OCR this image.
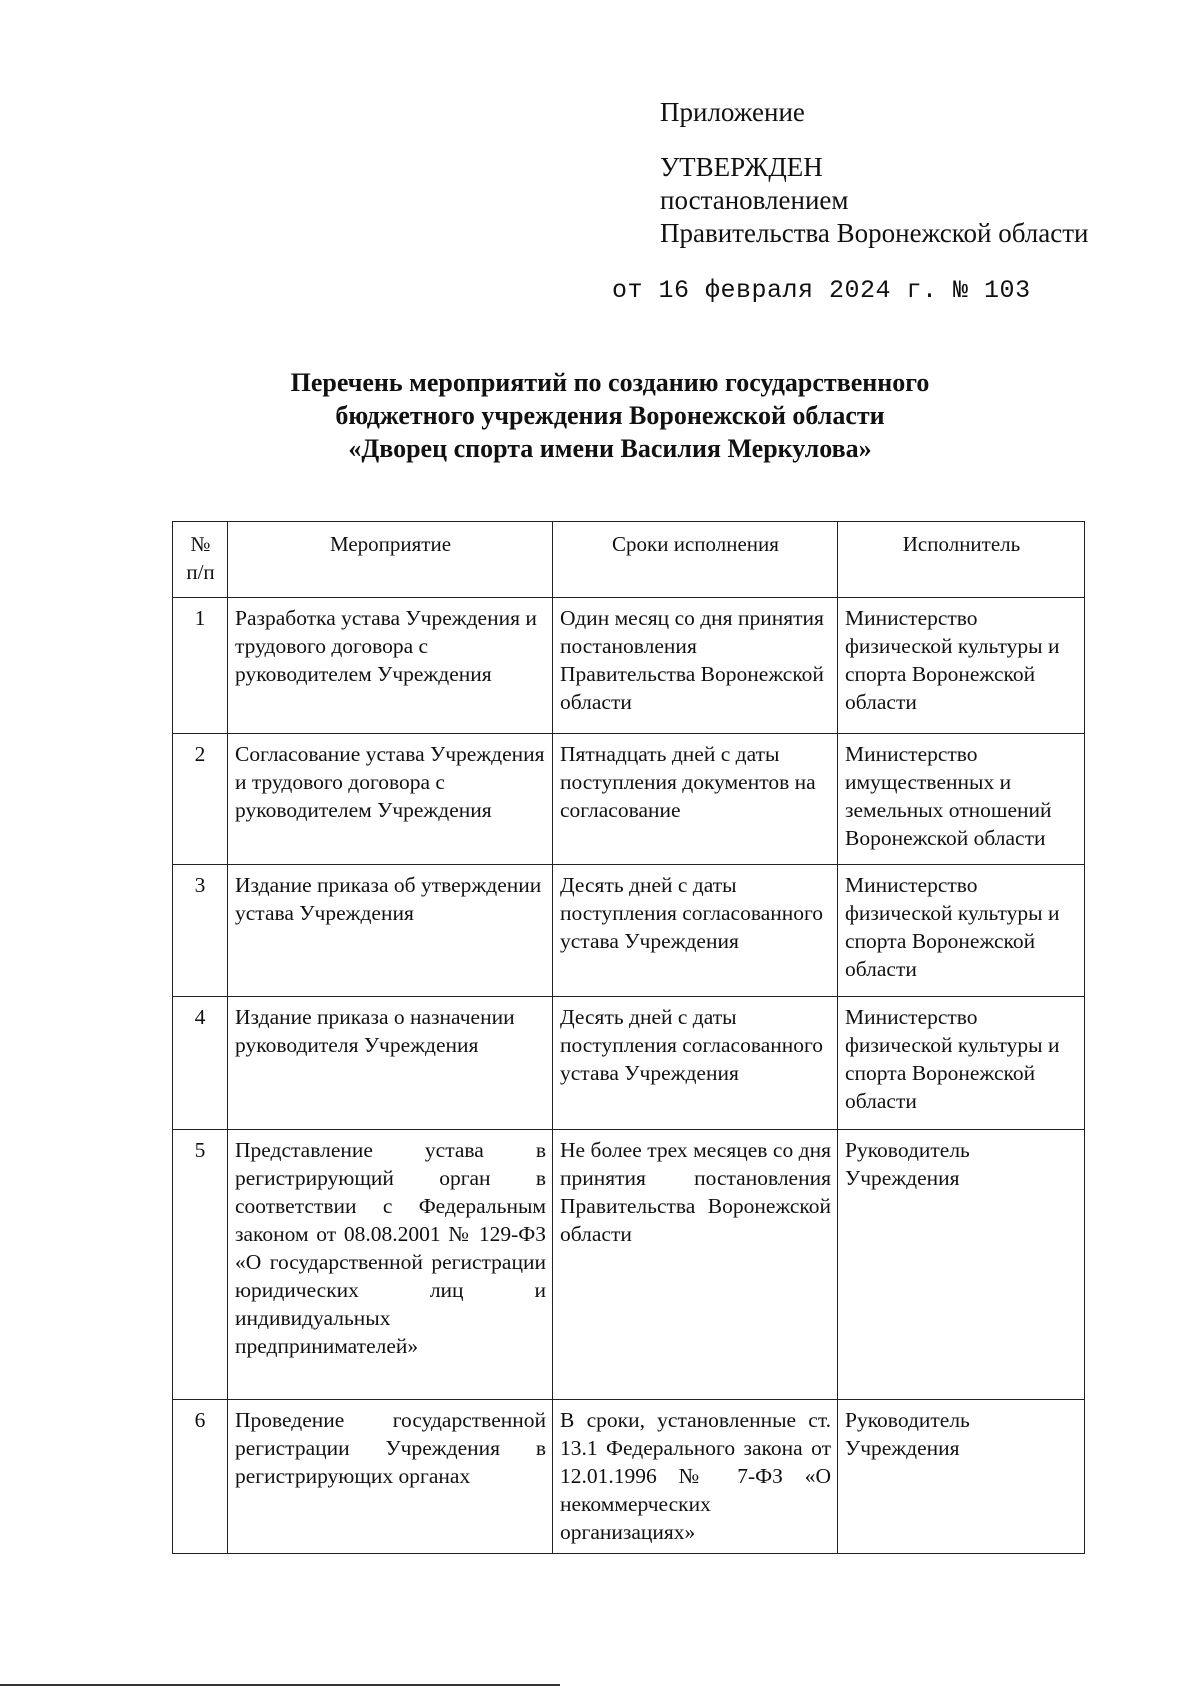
Приложение
УТВЕРЖДЕН
постановлением
Правительства Воронежской области
от 16 февраля 2024 г. № 103
Перечень мероприятий по созданию государственного
бюджетного учреждения Воронежской области
«Дворец спорта имени Василия Меркулова»
№ п/п	Мероприятие	Сроки исполнения	Исполнитель
1	Разработка устава Учреждения и трудового договора с руководителем Учреждения	Один месяц со дня принятия постановления Правительства Воронежской области	Министерство физической культуры и спорта Воронежской области
2	Согласование устава Учреждения и трудового договора с руководителем Учреждения	Пятнадцать дней с даты поступления документов на согласование	Министерство имущественных и земельных отношений Воронежской области
3	Издание приказа об утверждении устава Учреждения	Десять дней с даты поступления согласованного устава Учреждения	Министерство физической культуры и спорта Воронежской области
4	Издание приказа о назначении руководителя Учреждения	Десять дней с даты поступления согласованного устава Учреждения	Министерство физической культуры и спорта Воронежской области
5	Представление устава в регистрирующий орган в соответствии с Федеральным законом от 08.08.2001 № 129-ФЗ «О государственной регистрации юридических лиц и индивидуальных предпринимателей»	Не более трех месяцев со дня принятия постановления Правительства Воронежской области	Руководитель Учреждения
6	Проведение государственной регистрации Учреждения в регистрирующих органах	В сроки, установленные ст. 13.1 Федерального закона от 12.01.1996 № 7-ФЗ «О некоммерческих организациях»	Руководитель Учреждения
